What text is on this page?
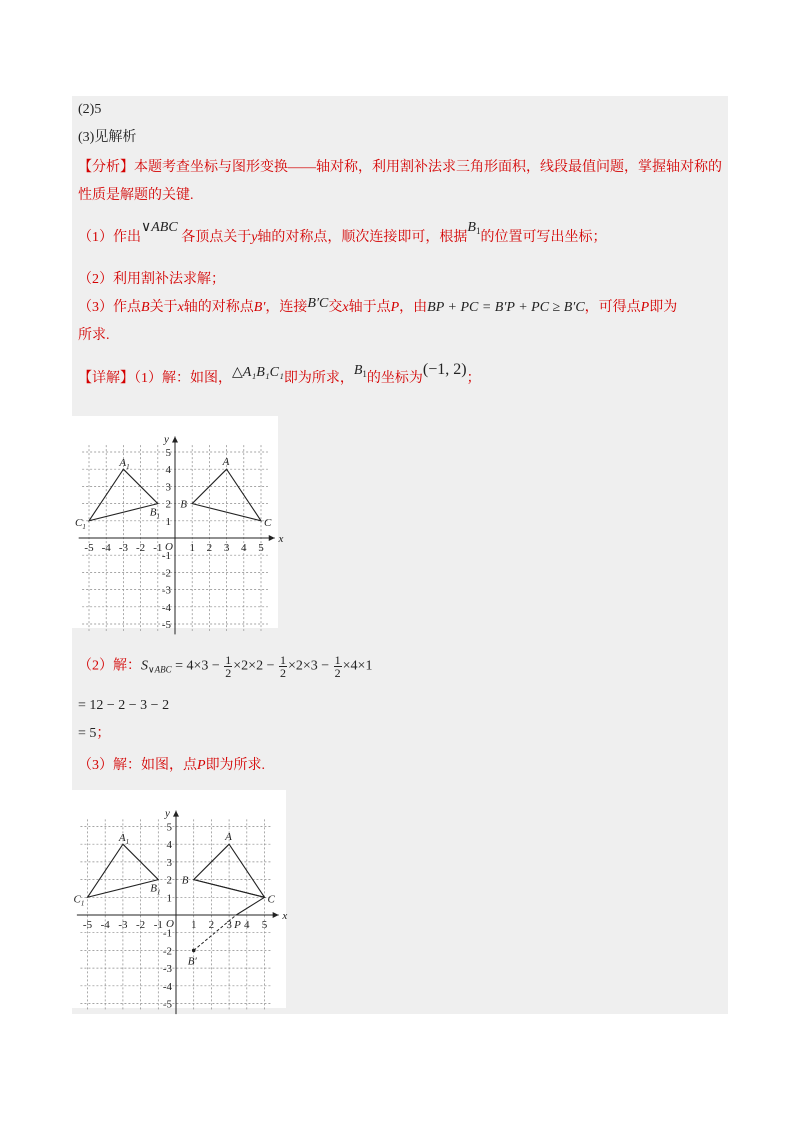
(2)5
(3)见解析
【分析】本题考查坐标与图形变换——轴对称，利用割补法求三角形面积，线段最值问题，掌握轴对称的
性质是解题的关键.
（1）作出∨ABC 各顶点关于y轴的对称点，顺次连接即可，根据$B^1$的位置可写出坐标；
（2）利用割补法求解；
（3）作点B关于x轴的对称点B′，连接B′C交x轴于点P，由BP + PC = B′P + PC ≥ B′C，可得点P即为
所求.
【详解】（1）解：如图，△A₁B₁C₁即为所求，$B^1$的坐标为(−1, 2)；
x
y
O
-5 -4 -3 -2 -1 1 2 3 4 5
5
4
3
2
1
-1
-2
-3
-4
-5
$A_1$
$B_1$
$C_1$
A
B
C
（2）解：$S_{\vee ABC} = 4\times 3 - \frac{1}{2} \times 2\times 2 - \frac{1}{2} \times 2\times 3 - \frac{1}{2} \times 4\times 1$
= 12 − 2 − 3 − 2
= 5；
（3）解：如图，点P即为所求.
x
y
O
-5 -4 -3 -2 -1	1 2 3 4 5
5
4
3
2
1
-1
-2
-3
-4
-5
$A_1$
$B_1$
$C_1$
A
B
C
B′
P
